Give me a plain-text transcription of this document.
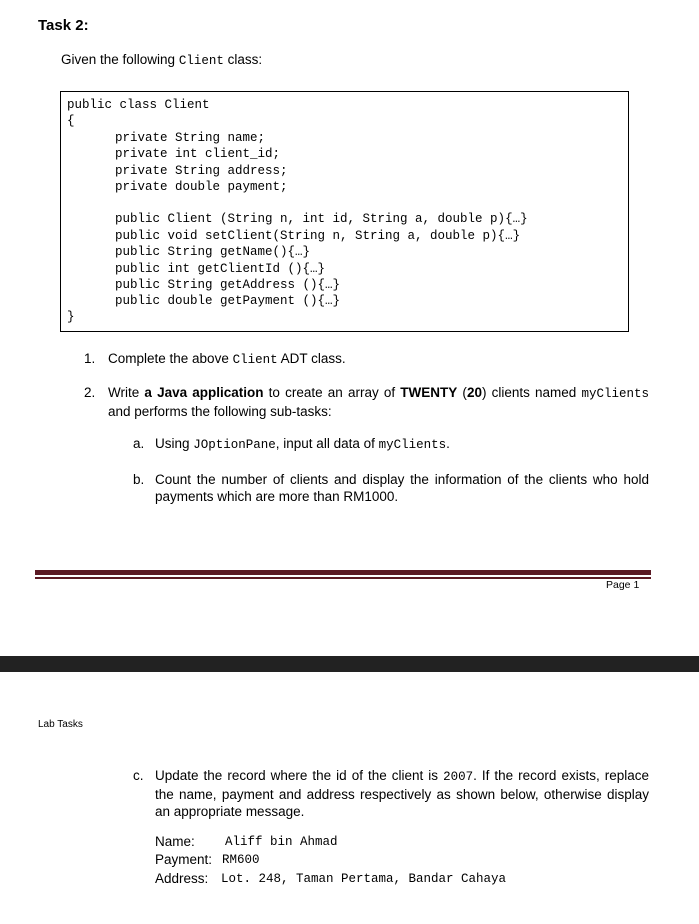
Task 2:
Given the following Client class:
public class Client
{
private String name;
private int client_id;
private String address;
private double payment;
public Client (String n, int id, String a, double p){…}
public void setClient(String n, String a, double p){…}
public String getName(){…}
public int getClientId (){…}
public String getAddress (){…}
public double getPayment (){…}
}
1. Complete the above Client ADT class.
2. Write a Java application to create an array of TWENTY (20) clients named myClients and performs the following sub-tasks:
a. Using JOptionPane, input all data of myClients.
b. Count the number of clients and display the information of the clients who hold payments which are more than RM1000.
Page 1
Lab Tasks
c. Update the record where the id of the client is 2007. If the record exists, replace the name, payment and address respectively as shown below, otherwise display an appropriate message.
Name: Aliff bin Ahmad
Payment: RM600
Address: Lot. 248, Taman Pertama, Bandar Cahaya
